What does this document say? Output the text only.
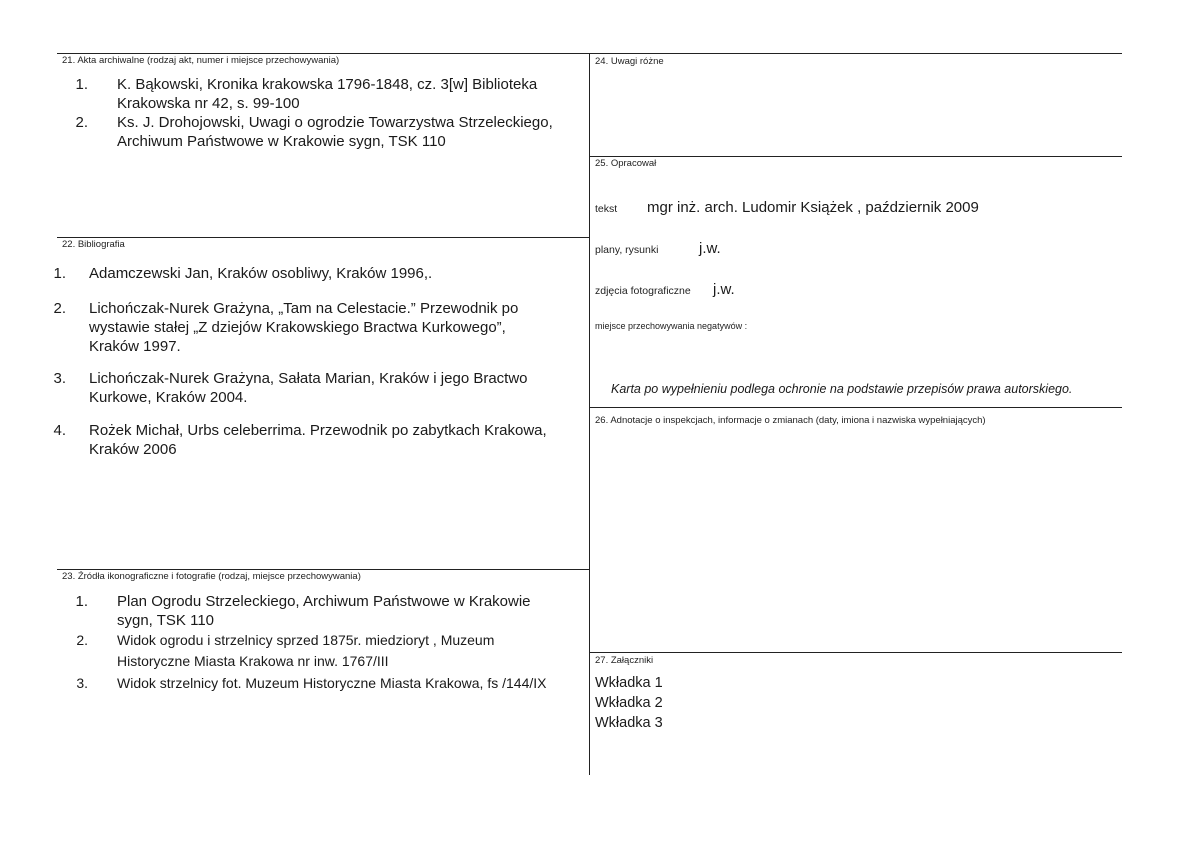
21. Akta archiwalne (rodzaj akt, numer i miejsce przechowywania)
1. K. Bąkowski, Kronika krakowska 1796-1848, cz. 3[w] Biblioteka
Krakowska nr 42, s. 99-100
2. Ks. J. Drohojowski, Uwagi o ogrodzie Towarzystwa Strzeleckiego,
Archiwum Państwowe w Krakowie sygn, TSK 110
22. Bibliografia
1. Adamczewski Jan, Kraków osobliwy, Kraków 1996,.
2. Lichończak-Nurek Grażyna, „Tam na Celestacie.” Przewodnik po
wystawie stałej „Z dziejów Krakowskiego Bractwa Kurkowego”,
Kraków 1997.
3. Lichończak-Nurek Grażyna, Sałata Marian, Kraków i jego Bractwo
Kurkowe, Kraków 2004.
4. Rożek Michał, Urbs celeberrima. Przewodnik po zabytkach Krakowa,
Kraków 2006
23. Źródła ikonograficzne i fotografie (rodzaj, miejsce przechowywania)
1. Plan Ogrodu Strzeleckiego, Archiwum Państwowe w Krakowie
sygn, TSK 110
2. Widok ogrodu i strzelnicy sprzed 1875r. miedzioryt , Muzeum
Historyczne Miasta Krakowa nr inw. 1767/III
3. Widok strzelnicy fot. Muzeum Historyczne Miasta Krakowa, fs /144/IX
24. Uwagi różne
25. Opracował
tekst mgr inż. arch. Ludomir Książek , październik 2009
plany, rysunki	j.w.
zdjęcia fotograficzne j.w.
miejsce przechowywania negatywów :
Karta po wypełnieniu podlega ochronie na podstawie przepisów prawa autorskiego.
26. Adnotacje o inspekcjach, informacje o zmianach (daty, imiona i nazwiska wypełniających)
27. Załączniki
Wkładka 1
Wkładka 2
Wkładka 3
